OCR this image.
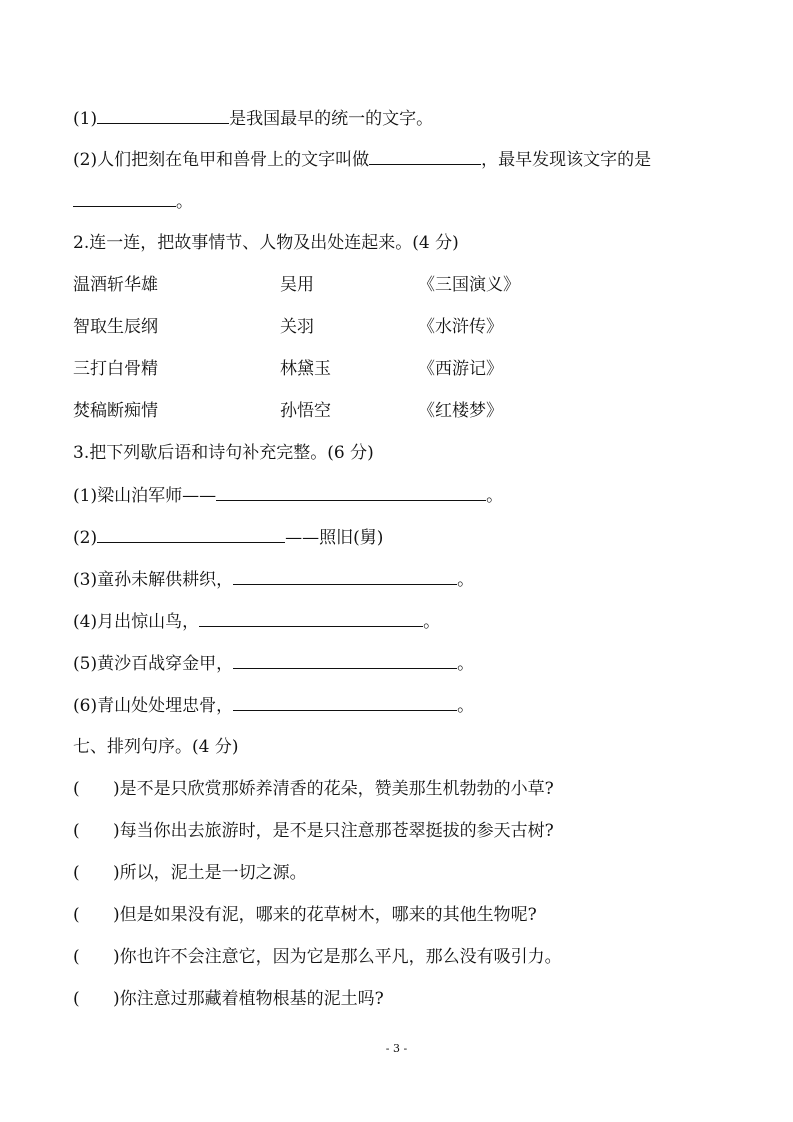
(1)	是我国最早的统一的文字。
(2)人们把刻在龟甲和兽骨上的文字叫做	，最早发现该文字的是
。
2.连一连，把故事情节、人物及出处连起来。(4 分)
温酒斩华雄	吴用	《三国演义》
智取生辰纲	关羽	《水浒传》
三打白骨精	林黛玉	《西游记》
焚稿断痴情	孙悟空	《红楼梦》
3.把下列歇后语和诗句补充完整。(6 分)
(1)梁山泊军师——	。
(2)	——照旧(舅)
(3)童孙未解供耕织，	。
(4)月出惊山鸟，	。
(5)黄沙百战穿金甲，	。
(6)青山处处埋忠骨，	。
七、排列句序。(4 分)
( )是不是只欣赏那娇养清香的花朵，赞美那生机勃勃的小草?
( )每当你出去旅游时，是不是只注意那苍翠挺拔的参天古树?
( )所以，泥土是一切之源。
( )但是如果没有泥，哪来的花草树木，哪来的其他生物呢?
( )你也许不会注意它，因为它是那么平凡，那么没有吸引力。
( )你注意过那藏着植物根基的泥土吗?
- 3 -
